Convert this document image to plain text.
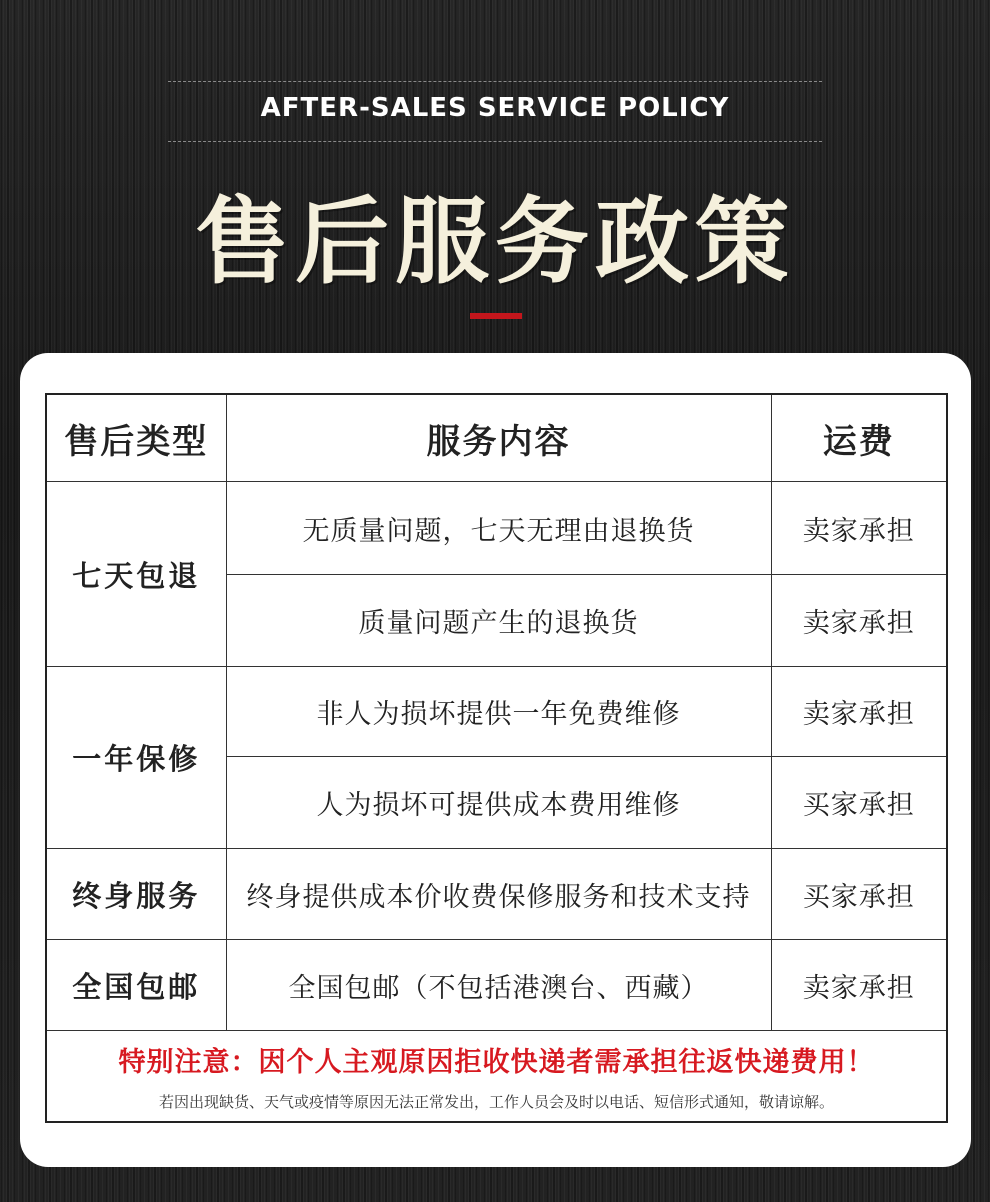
AFTER-SALES SERVICE POLICY
售后服务政策
售后类型	服务内容	运费
七天包退	无质量问题，七天无理由退换货	卖家承担
	质量问题产生的退换货	卖家承担
一年保修	非人为损坏提供一年免费维修	卖家承担
	人为损坏可提供成本费用维修	买家承担
终身服务	终身提供成本价收费保修服务和技术支持	买家承担
全国包邮	全国包邮（不包括港澳台、西藏）	卖家承担

特别注意：因个人主观原因拒收快递者需承担往返快递费用！
若因出现缺货、天气或疫情等原因无法正常发出，工作人员会及时以电话、短信形式通知，敬请谅解。		
